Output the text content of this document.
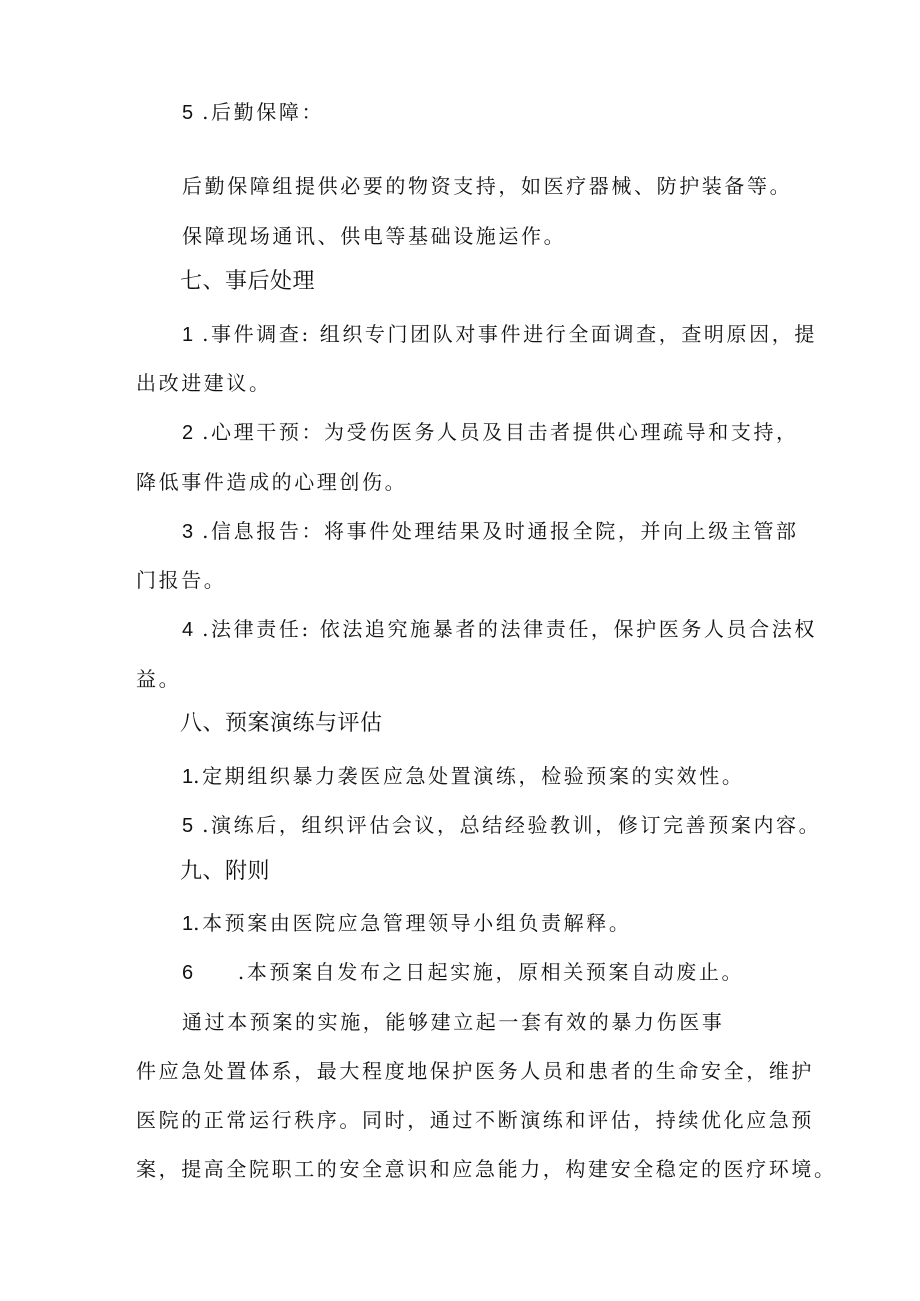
5 .后勤保障：
后勤保障组提供必要的物资支持，如医疗器械、防护装备等。
保障现场通讯、供电等基础设施运作。
七、事后处理
1 .事件调查: 组织专门团队对事件进行全面调查，查明原因，提
出改进建议。
2 .心理干预：为受伤医务人员及目击者提供心理疏导和支持，
降低事件造成的心理创伤。
3 .信息报告：将事件处理结果及时通报全院，并向上级主管部
门报告。
4 .法律责任: 依法追究施暴者的法律责任，保护医务人员合法权
益。
八、预案演练与评估
1.定期组织暴力袭医应急处置演练，检验预案的实效性。
5 .演练后，组织评估会议，总结经验教训，修订完善预案内容。
九、附则
1.本预案由医院应急管理领导小组负责解释。
6     .本预案自发布之日起实施，原相关预案自动废止。
通过本预案的实施，能够建立起一套有效的暴力伤医事
件应急处置体系，最大程度地保护医务人员和患者的生命安全，维护
医院的正常运行秩序。同时，通过不断演练和评估，持续优化应急预
案，提高全院职工的安全意识和应急能力，构建安全稳定的医疗环境。
